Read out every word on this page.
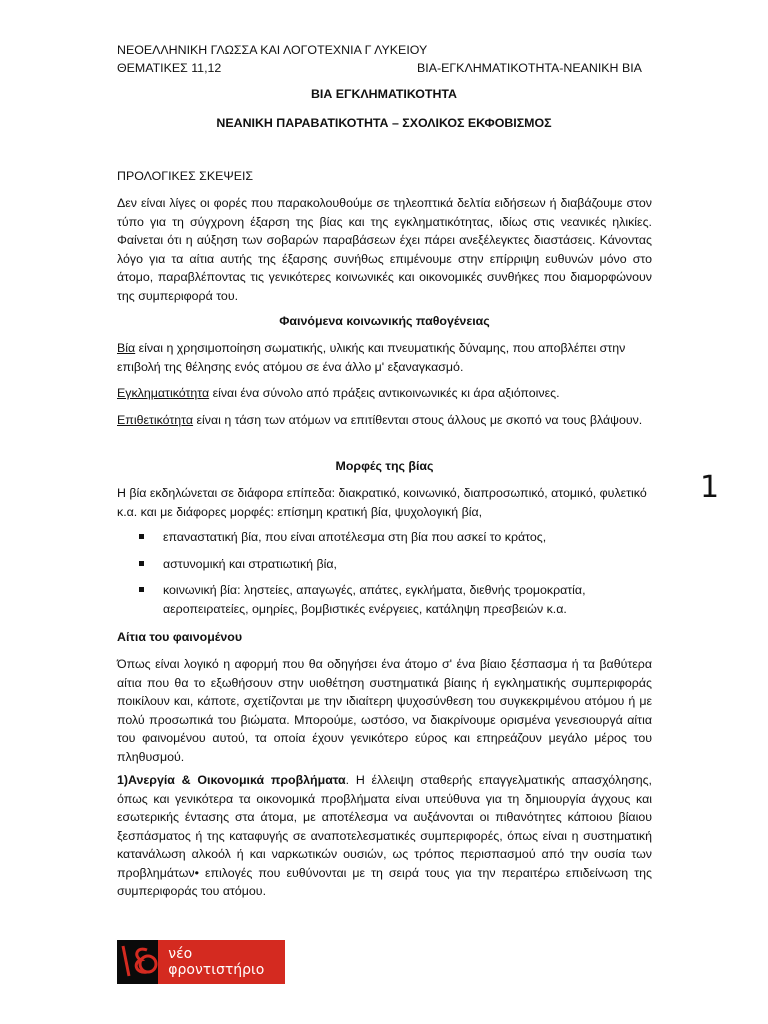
ΝΕΟΕΛΛΗΝΙΚΗ ΓΛΩΣΣΑ ΚΑΙ ΛΟΓΟΤΕΧΝΙΑ Γ ΛΥΚΕΙΟΥ
ΘΕΜΑΤΙΚΕΣ 11,12	ΒΙΑ-ΕΓΚΛΗΜΑΤΙΚΟΤΗΤΑ-ΝΕΑΝΙΚΗ ΒΙΑ
ΒΙΑ ΕΓΚΛΗΜΑΤΙΚΟΤΗΤΑ
ΝΕΑΝΙΚΗ ΠΑΡΑΒΑΤΙΚΟΤΗΤΑ – ΣΧΟΛΙΚΟΣ ΕΚΦΟΒΙΣΜΟΣ
ΠΡΟΛΟΓΙΚΕΣ ΣΚΕΨΕΙΣ
Δεν είναι λίγες οι φορές που παρακολουθούμε σε τηλεοπτικά δελτία ειδήσεων ή διαβάζουμε στον τύπο για τη σύγχρονη έξαρση της βίας και της εγκληματικότητας, ιδίως στις νεανικές ηλικίες. Φαίνεται ότι η αύξηση των σοβαρών παραβάσεων έχει πάρει ανεξέλεγκτες διαστάσεις. Κάνοντας λόγο για τα αίτια αυτής της έξαρσης συνήθως επιμένουμε στην επίρριψη ευθυνών μόνο στο άτομο, παραβλέποντας τις γενικότερες κοινωνικές και οικονομικές συνθήκες που διαμορφώνουν της συμπεριφορά του.
Φαινόμενα κοινωνικής παθογένειας
Βία είναι η χρησιμοποίηση σωματικής, υλικής και πνευματικής δύναμης, που αποβλέπει στην επιβολή της θέλησης ενός ατόμου σε ένα άλλο μ' εξαναγκασμό.
Εγκληματικότητα είναι ένα σύνολο από πράξεις αντικοινωνικές κι άρα αξιόποινες.
Επιθετικότητα είναι η τάση των ατόμων να επιτίθενται στους άλλους με σκοπό να τους βλάψουν.
Μορφές της βίας
Η βία εκδηλώνεται σε διάφορα επίπεδα: διακρατικό, κοινωνικό, διαπροσωπικό, ατομικό, φυλετικό κ.α. και με διάφορες μορφές: επίσημη κρατική βία, ψυχολογική βία,
επαναστατική βία, που είναι αποτέλεσμα στη βία που ασκεί το κράτος,
αστυνομική και στρατιωτική βία,
κοινωνική βία: ληστείες, απαγωγές, απάτες, εγκλήματα, διεθνής τρομοκρατία, αεροπειρατείες, ομηρίες, βομβιστικές ενέργειες, κατάληψη πρεσβειών κ.α.
Αίτια του φαινομένου
Όπως είναι λογικό η αφορμή που θα οδηγήσει ένα άτομο σ' ένα βίαιο ξέσπασμα ή τα βαθύτερα αίτια που θα το εξωθήσουν στην υιοθέτηση συστηματικά βίαιης ή εγκληματικής συμπεριφοράς ποικίλουν και, κάποτε, σχετίζονται με την ιδιαίτερη ψυχοσύνθεση του συγκεκριμένου ατόμου ή με πολύ προσωπικά του βιώματα. Μπορούμε, ωστόσο, να διακρίνουμε ορισμένα γενεσιουργά αίτια του φαινομένου αυτού, τα οποία έχουν γενικότερο εύρος και επηρεάζουν μεγάλο μέρος του πληθυσμού.
1)Ανεργία & Οικονομικά προβλήματα. Η έλλειψη σταθερής επαγγελματικής απασχόλησης, όπως και γενικότερα τα οικονομικά προβλήματα είναι υπεύθυνα για τη δημιουργία άγχους και εσωτερικής έντασης στα άτομα, με αποτέλεσμα να αυξάνονται οι πιθανότητες κάποιου βίαιου ξεσπάσματος ή της καταφυγής σε αναποτελεσματικές συμπεριφορές, όπως είναι η συστηματική κατανάλωση αλκοόλ ή και ναρκωτικών ουσιών, ως τρόπος περισπασμού από την ουσία των προβλημάτων• επιλογές που ευθύνονται με τη σειρά τους για την περαιτέρω επιδείνωση της συμπεριφοράς του ατόμου.
1
νέο φροντιστήριο
